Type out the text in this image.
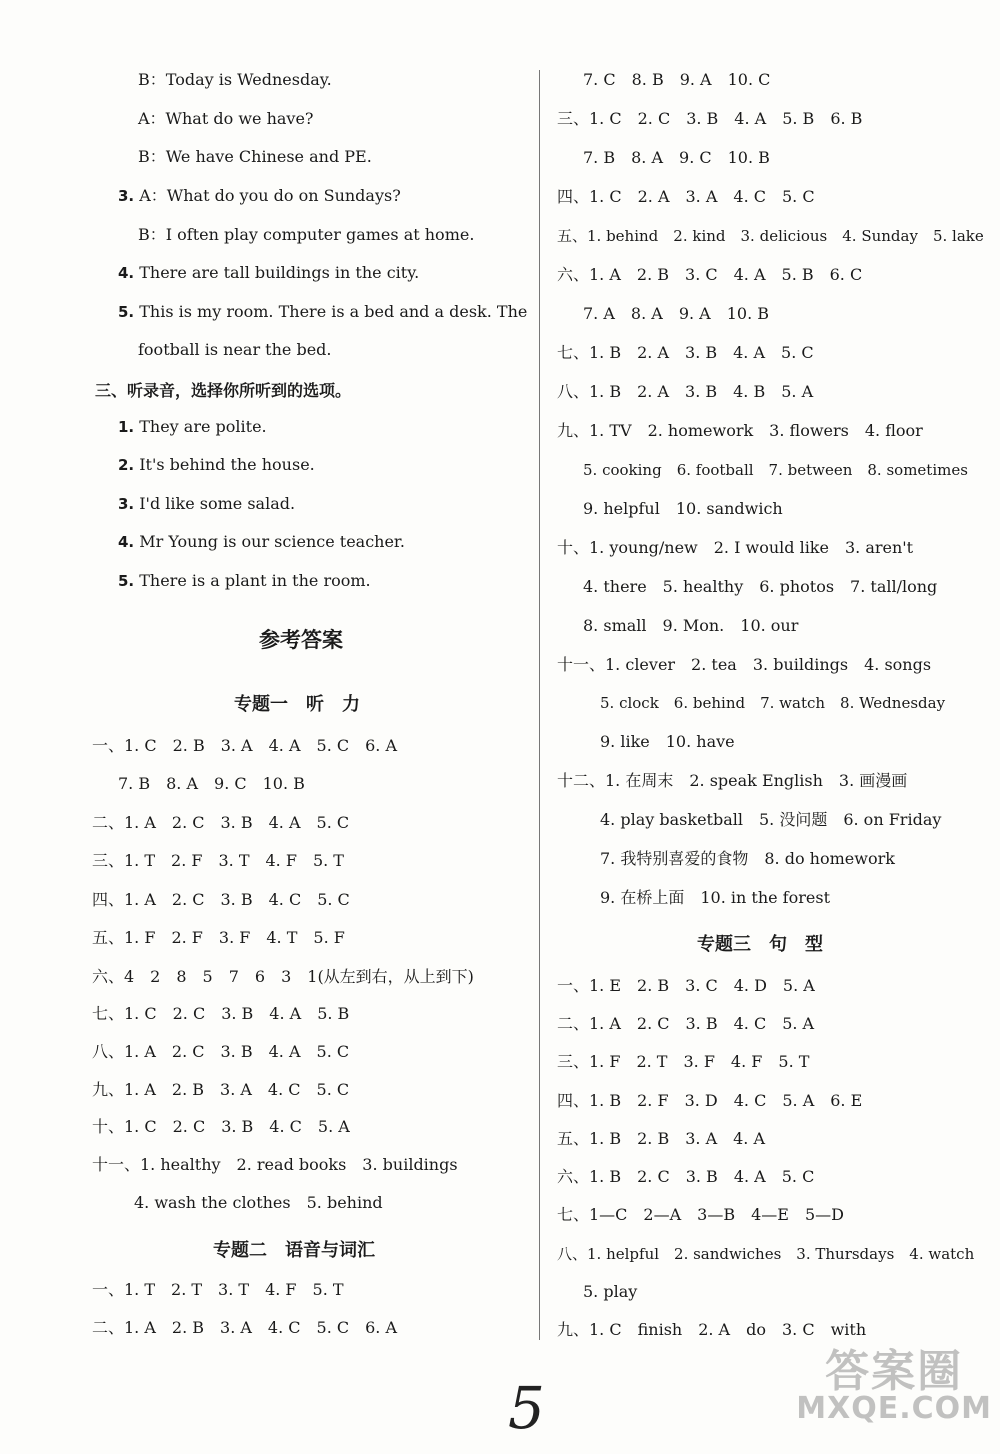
B：Today is Wednesday.
A：What do we have?
B：We have Chinese and PE.
3. A：What do you do on Sundays?
B：I often play computer games at home.
4. There are tall buildings in the city.
5. This is my room. There is a bed and a desk. The
football is near the bed.
三、听录音，选择你所听到的选项。
1. They are polite.
2. It's behind the house.
3. I'd like some salad.
4. Mr Young is our science teacher.
5. There is a plant in the room.
参考答案
专题一　听　力
一、1. C　2. B　3. A　4. A　5. C　6. A
7. B　8. A　9. C　10. B
二、1. A　2. C　3. B　4. A　5. C
三、1. T　2. F　3. T　4. F　5. T
四、1. A　2. C　3. B　4. C　5. C
五、1. F　2. F　3. F　4. T　5. F
六、4　2　8　5　7　6　3　1(从左到右，从上到下)
七、1. C　2. C　3. B　4. A　5. B
八、1. A　2. C　3. B　4. A　5. C
九、1. A　2. B　3. A　4. C　5. C
十、1. C　2. C　3. B　4. C　5. A
十一、1. healthy　2. read books　3. buildings
4. wash the clothes　5. behind
专题二　语音与词汇
一、1. T　2. T　3. T　4. F　5. T
二、1. A　2. B　3. A　4. C　5. C　6. A
7. C　8. B　9. A　10. C
三、1. C　2. C　3. B　4. A　5. B　6. B
7. B　8. A　9. C　10. B
四、1. C　2. A　3. A　4. C　5. C
五、1. behind　2. kind　3. delicious　4. Sunday　5. lake
六、1. A　2. B　3. C　4. A　5. B　6. C
7. A　8. A　9. A　10. B
七、1. B　2. A　3. B　4. A　5. C
八、1. B　2. A　3. B　4. B　5. A
九、1. TV　2. homework　3. flowers　4. floor
5. cooking　6. football　7. between　8. sometimes
9. helpful　10. sandwich
十、1. young/new　2. I would like　3. aren't
4. there　5. healthy　6. photos　7. tall/long
8. small　9. Mon.　10. our
十一、1. clever　2. tea　3. buildings　4. songs
5. clock　6. behind　7. watch　8. Wednesday
9. like　10. have
十二、1. 在周末　2. speak English　3. 画漫画
4. play basketball　5. 没问题　6. on Friday
7. 我特别喜爱的食物　8. do homework
9. 在桥上面　10. in the forest
专题三　句　型
一、1. E　2. B　3. C　4. D　5. A
二、1. A　2. C　3. B　4. C　5. A
三、1. F　2. T　3. F　4. F　5. T
四、1. B　2. F　3. D　4. C　5. A　6. E
五、1. B　2. B　3. A　4. A
六、1. B　2. C　3. B　4. A　5. C
七、1—C　2—A　3—B　4—E　5—D
八、1. helpful　2. sandwiches　3. Thursdays　4. watch
5. play
九、1. C　finish　2. A　do　3. C　with
5
答案圈
MXQE.COM
